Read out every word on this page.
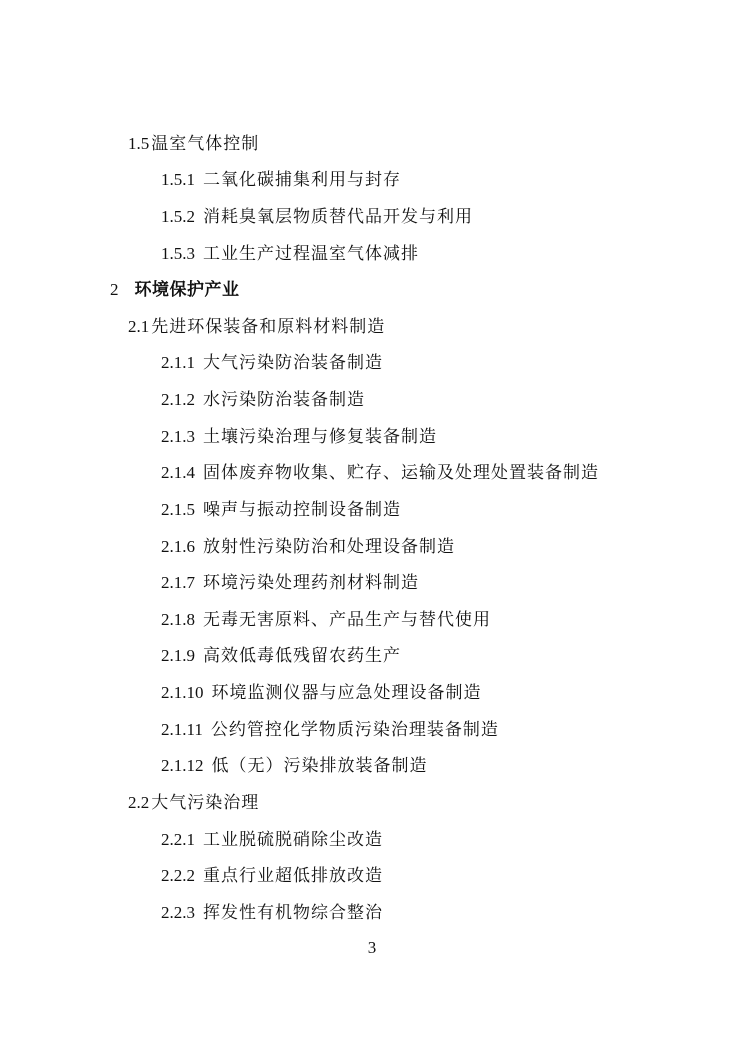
1.5 温室气体控制
1.5.1 二氧化碳捕集利用与封存
1.5.2 消耗臭氧层物质替代品开发与利用
1.5.3 工业生产过程温室气体减排
2 环境保护产业
2.1 先进环保装备和原料材料制造
2.1.1 大气污染防治装备制造
2.1.2 水污染防治装备制造
2.1.3 土壤污染治理与修复装备制造
2.1.4 固体废弃物收集、贮存、运输及处理处置装备制造
2.1.5 噪声与振动控制设备制造
2.1.6 放射性污染防治和处理设备制造
2.1.7 环境污染处理药剂材料制造
2.1.8 无毒无害原料、产品生产与替代使用
2.1.9 高效低毒低残留农药生产
2.1.10 环境监测仪器与应急处理设备制造
2.1.11 公约管控化学物质污染治理装备制造
2.1.12 低（无）污染排放装备制造
2.2 大气污染治理
2.2.1 工业脱硫脱硝除尘改造
2.2.2 重点行业超低排放改造
2.2.3 挥发性有机物综合整治
3
